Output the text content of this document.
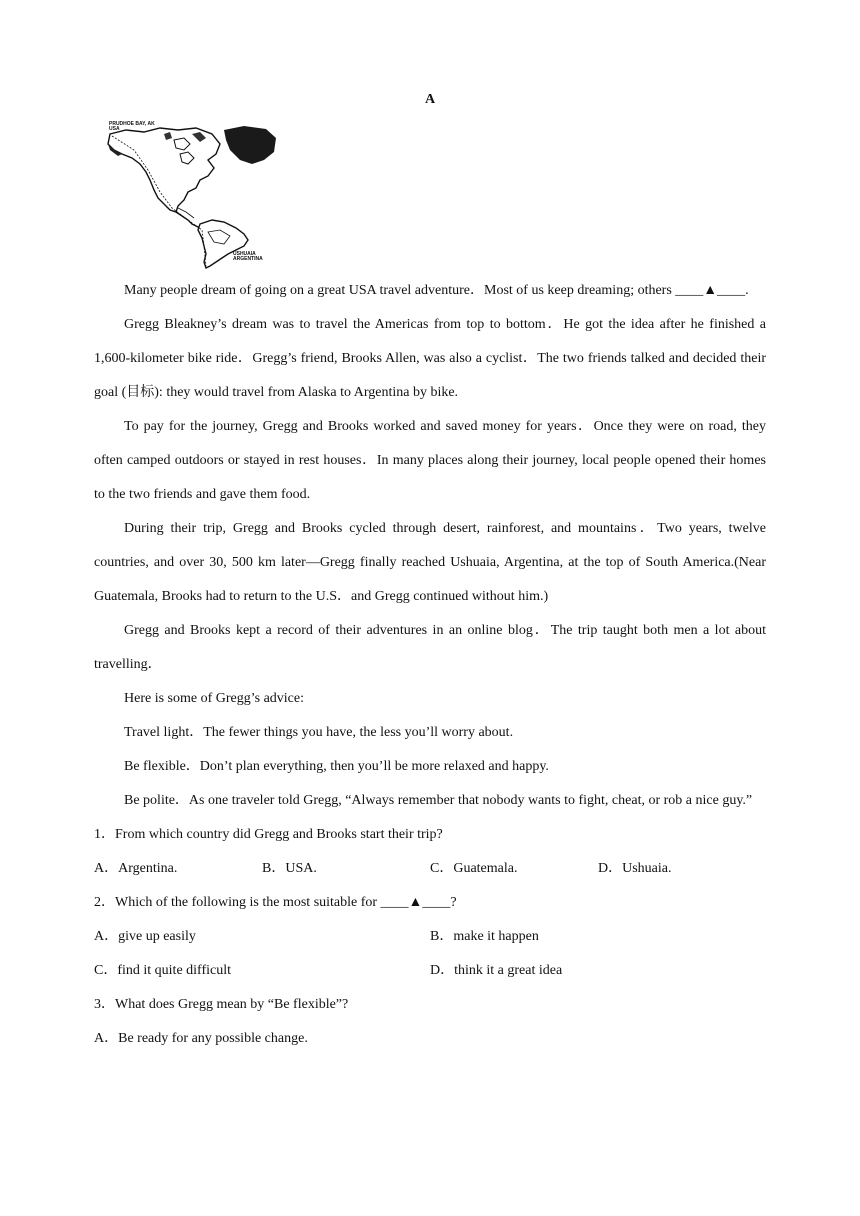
A
PRUDHOE BAY, AK
USA
USHUAIA
ARGENTINA

Many people dream of going on a great USA travel adventure．Most of us keep dreaming; others ____▲____.

Gregg Bleakney’s dream was to travel the Americas from top to bottom．He got the idea after he finished a 1,600-kilometer bike ride．Gregg’s friend, Brooks Allen, was also a cyclist．The two friends talked and decided their goal (目标): they would travel from Alaska to Argentina by bike.

To pay for the journey, Gregg and Brooks worked and saved money for years．Once they were on road, they often camped outdoors or stayed in rest houses．In many places along their journey, local people opened their homes to the two friends and gave them food.

During their trip, Gregg and Brooks cycled through desert, rainforest, and mountains．Two years, twelve countries, and over 30, 500 km later—Gregg finally reached Ushuaia, Argentina, at the top of South America.(Near Guatemala, Brooks had to return to the U.S．and Gregg continued without him.)

Gregg and Brooks kept a record of their adventures in an online blog．The trip taught both men a lot about travelling．

Here is some of Gregg’s advice:

Travel light．The fewer things you have, the less you’ll worry about.

Be flexible．Don’t plan everything, then you’ll be more relaxed and happy.

Be polite．As one traveler told Gregg, “Always remember that nobody wants to fight, cheat, or rob a nice guy.”

1．From which country did Gregg and Brooks start their trip?

A．Argentina.	B．USA.	C．Guatemala.	D．Ushuaia.

2．Which of the following is the most suitable for ____▲____?

A．give up easily	B．make it happen
C．find it quite difficult	D．think it a great idea

3．What does Gregg mean by “Be flexible”?

A．Be ready for any possible change.
